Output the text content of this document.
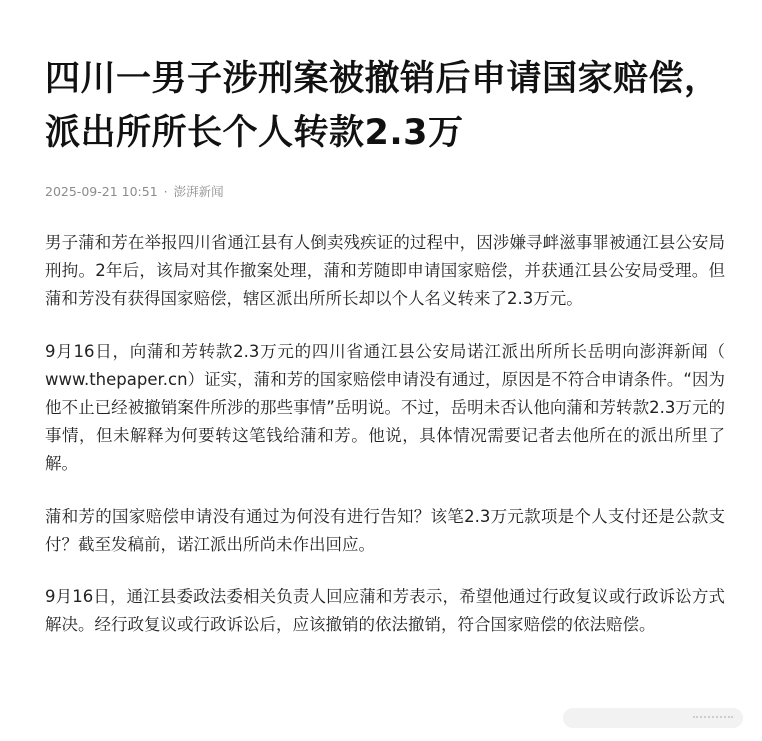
四川一男子涉刑案被撤销后申请国家赔偿，派出所所长个人转款2.3万
2025-09-21 10:51 · 澎湃新闻

男子蒲和芳在举报四川省通江县有人倒卖残疾证的过程中，因涉嫌寻衅滋事罪被通江县公安局刑拘。2年后，该局对其作撤案处理，蒲和芳随即申请国家赔偿，并获通江县公安局受理。但蒲和芳没有获得国家赔偿，辖区派出所所长却以个人名义转来了2.3万元。

9月16日，向蒲和芳转款2.3万元的四川省通江县公安局诺江派出所所长岳明向澎湃新闻（ www.thepaper.cn）证实，蒲和芳的国家赔偿申请没有通过，原因是不符合申请条件。“因为他不止已经被撤销案件所涉的那些事情”岳明说。不过，岳明未否认他向蒲和芳转款2.3万元的事情，但未解释为何要转这笔钱给蒲和芳。他说，具体情况需要记者去他所在的派出所里了解。

蒲和芳的国家赔偿申请没有通过为何没有进行告知？该笔2.3万元款项是个人支付还是公款支付？截至发稿前，诺江派出所尚未作出回应。

9月16日，通江县委政法委相关负责人回应蒲和芳表示，希望他通过行政复议或行政诉讼方式解决。经行政复议或行政诉讼后，应该撤销的依法撤销，符合国家赔偿的依法赔偿。
